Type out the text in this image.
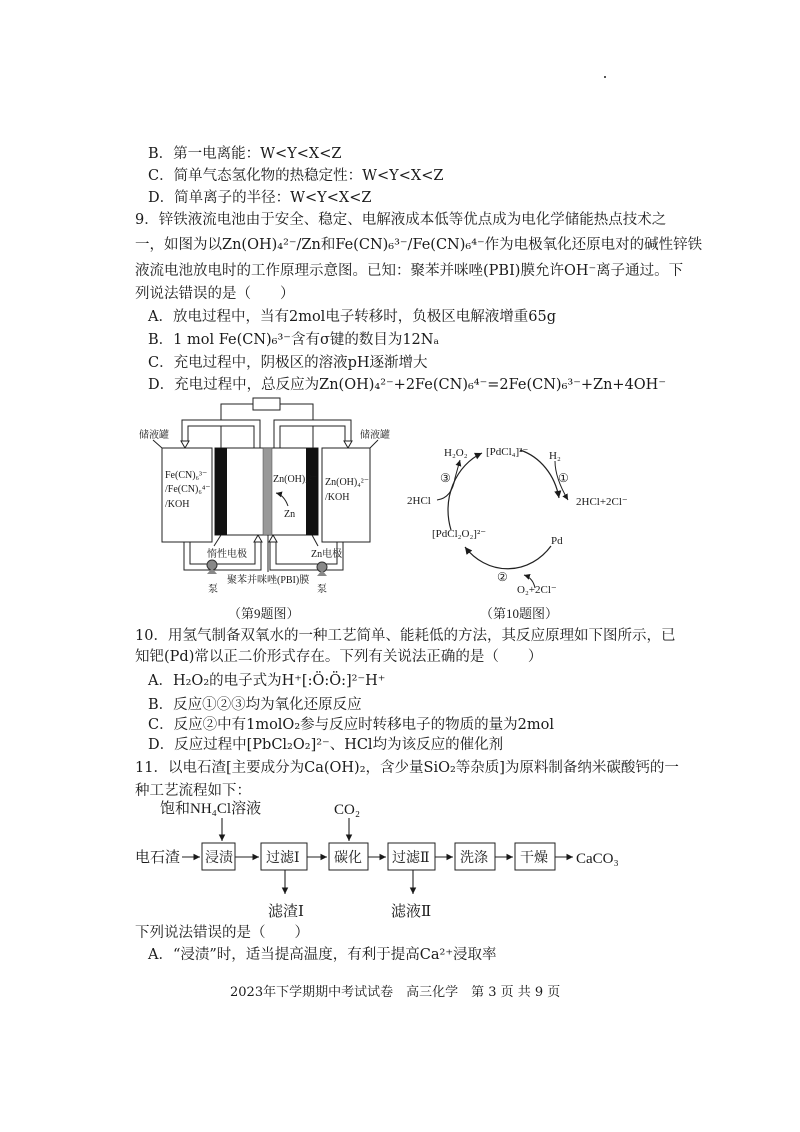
B．第一电离能：W<Y<X<Z
C．简单气态氢化物的热稳定性：W<Y<X<Z
D．简单离子的半径：W<Y<X<Z
9．锌铁液流电池由于安全、稳定、电解液成本低等优点成为电化学储能热点技术之
一，如图为以Zn(OH)₄²⁻/Zn和Fe(CN)₆³⁻/Fe(CN)₆⁴⁻作为电极氧化还原电对的碱性锌铁
液流电池放电时的工作原理示意图。已知：聚苯并咪唑(PBI)膜允许OH⁻离子通过。下
列说法错误的是（　　）
A．放电过程中，当有2mol电子转移时，负极区电解液增重65g
B．1 mol Fe(CN)₆³⁻含有σ键的数目为12Nₐ
C．充电过程中，阴极区的溶液pH逐渐增大
D．充电过程中，总反应为Zn(OH)₄²⁻+2Fe(CN)₆⁴⁻=2Fe(CN)₆³⁻+Zn+4OH⁻
储液罐	储液罐
Fe(CN)₆³⁻
/Fe(CN)₆⁴⁻
/KOH
Zn(OH)₄²⁻
/KOH
Zn(OH)₄²⁻
Zn
惰性电极	Zn电极
聚苯并咪唑(PBI)膜
泵	泵
（第9题图）
H₂O₂ [PdCl₄]²⁻ H₂
①
2HCl+2Cl⁻
Pd
②
O₂+2Cl⁻
[PdCl₂O₂]²⁻
2HCl
③
（第10题图）
10．用氢气制备双氧水的一种工艺简单、能耗低的方法，其反应原理如下图所示，已
知钯(Pd)常以正二价形式存在。下列有关说法正确的是（　　）
A．H₂O₂的电子式为H⁺[:Ö:Ö:]²⁻H⁺
B．反应①②③均为氧化还原反应
C．反应②中有1molO₂参与反应时转移电子的物质的量为2mol
D．反应过程中[PbCl₂O₂]²⁻、HCl均为该反应的催化剂
11．以电石渣[主要成分为Ca(OH)₂，含少量SiO₂等杂质]为原料制备纳米碳酸钙的一
种工艺流程如下：
电石渣
饱和NH₄Cl溶液	CO₂
CaCO₃
滤渣Ⅰ	滤液Ⅱ
浸渍 过滤Ⅰ 碳化 过滤Ⅱ 洗涤 干燥
下列说法错误的是（　　）
A．“浸渍”时，适当提高温度，有利于提高Ca²⁺浸取率
2023年下学期期中考试试卷　高三化学　第 3 页 共 9 页
